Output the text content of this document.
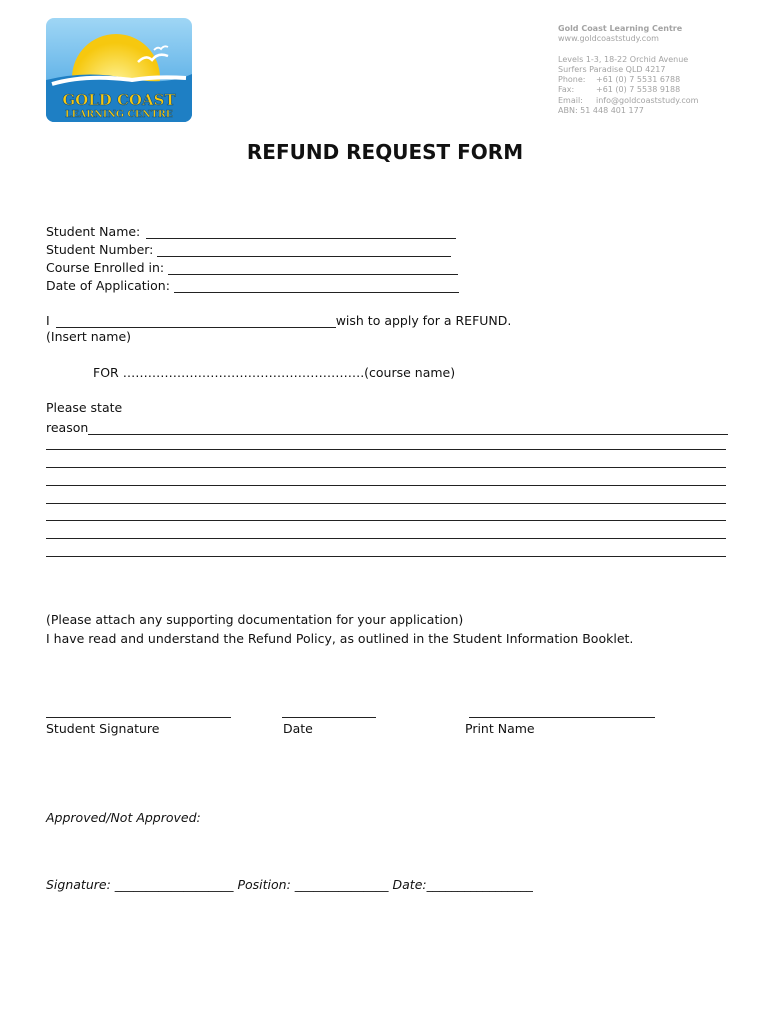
GOLD COAST
LEARNING CENTRE
Gold Coast Learning Centre
www.goldcoaststudy.com
Levels 1-3, 18-22 Orchid Avenue
Surfers Paradise QLD 4217
Phone:	+61 (0) 7 5531 6788
Fax:	+61 (0) 7 5538 9188
Email:	info@goldcoaststudy.com
ABN: 51 448 401 177
REFUND REQUEST FORM
Student Name:
Student Number:
Course Enrolled in:
Date of Application:
I	wish to apply for a REFUND.
(Insert name)
FOR ………………………………………………….(course name)
Please state
reason
(Please attach any supporting documentation for your application)
I have read and understand the Refund Policy, as outlined in the Student Information Booklet.
Student Signature	Date	Print Name
Approved/Not Approved:
Signature: ___________________ Position: _______________ Date:_________________
